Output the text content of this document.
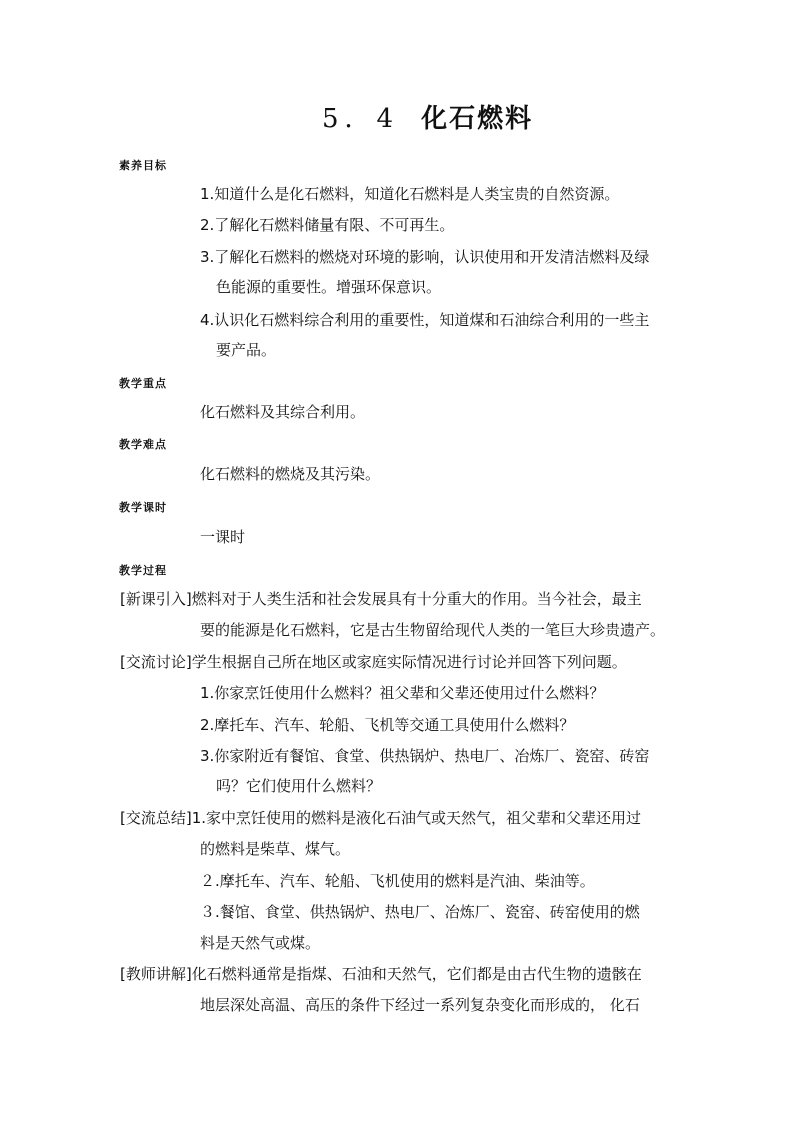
5．4 化石燃料
素养目标
1.知道什么是化石燃料，知道化石燃料是人类宝贵的自然资源。
2.了解化石燃料储量有限、不可再生。
3.了解化石燃料的燃烧对环境的影响，认识使用和开发清洁燃料及绿
色能源的重要性。增强环保意识。
4.认识化石燃料综合利用的重要性，知道煤和石油综合利用的一些主
要产品。
教学重点
化石燃料及其综合利用。
教学难点
化石燃料的燃烧及其污染。
教学课时
一课时
教学过程
[新课引入]燃料对于人类生活和社会发展具有十分重大的作用。当今社会，最主
要的能源是化石燃料，它是古生物留给现代人类的一笔巨大珍贵遗产。
[交流讨论]学生根据自己所在地区或家庭实际情况进行讨论并回答下列问题。
1.你家烹饪使用什么燃料？祖父辈和父辈还使用过什么燃料？
2.摩托车、汽车、轮船、飞机等交通工具使用什么燃料？
3.你家附近有餐馆、食堂、供热锅炉、热电厂、冶炼厂、瓷窑、砖窑
吗？它们使用什么燃料？
[交流总结]1.家中烹饪使用的燃料是液化石油气或天然气，祖父辈和父辈还用过
的燃料是柴草、煤气。
２.摩托车、汽车、轮船、飞机使用的燃料是汽油、柴油等。
３.餐馆、食堂、供热锅炉、热电厂、冶炼厂、瓷窑、砖窑使用的燃
料是天然气或煤。
[教师讲解]化石燃料通常是指煤、石油和天然气，它们都是由古代生物的遗骸在
地层深处高温、高压的条件下经过一系列复杂变化而形成的， 化石
